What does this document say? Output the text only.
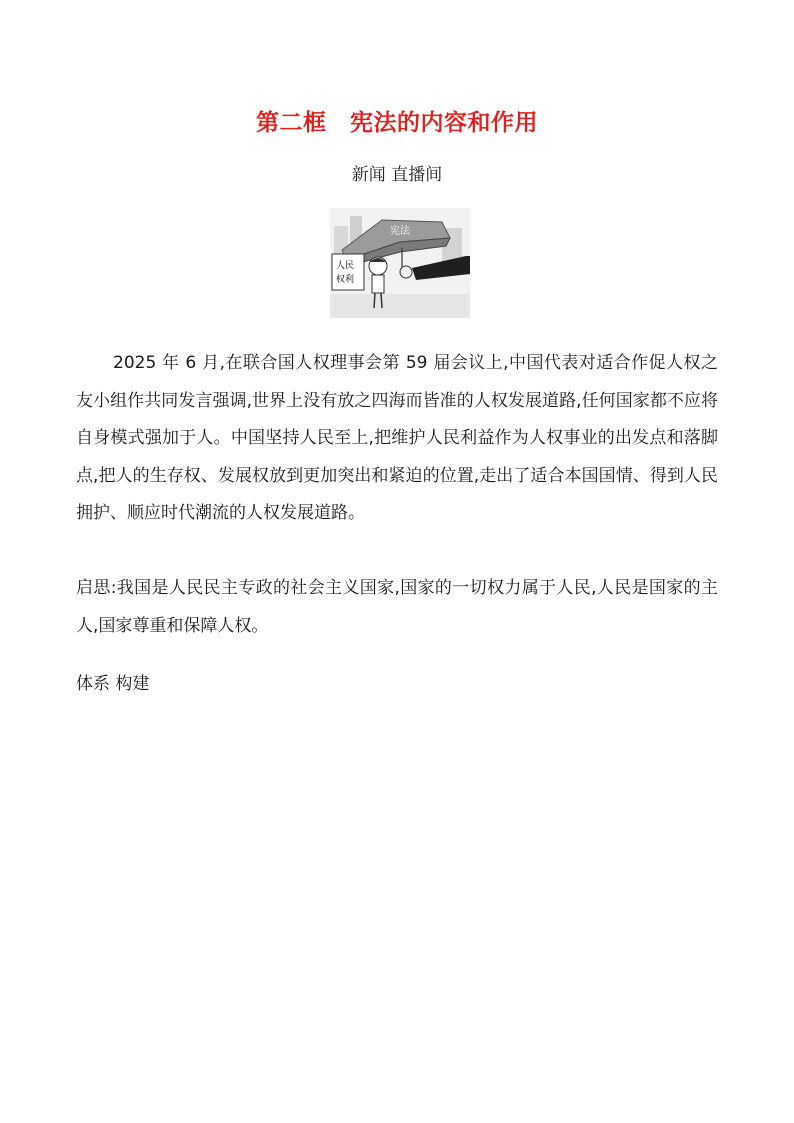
第二框　宪法的内容和作用
新闻 直播间
宪法
人民
权利

2025 年 6 月,在联合国人权理事会第 59 届会议上,中国代表对适合作促人权之友小组作共同发言强调,世界上没有放之四海而皆准的人权发展道路,任何国家都不应将自身模式强加于人。中国坚持人民至上,把维护人民利益作为人权事业的出发点和落脚点,把人的生存权、发展权放到更加突出和紧迫的位置,走出了适合本国国情、得到人民拥护、顺应时代潮流的人权发展道路。

启思:我国是人民民主专政的社会主义国家,国家的一切权力属于人民,人民是国家的主人,国家尊重和保障人权。

体系 构建
